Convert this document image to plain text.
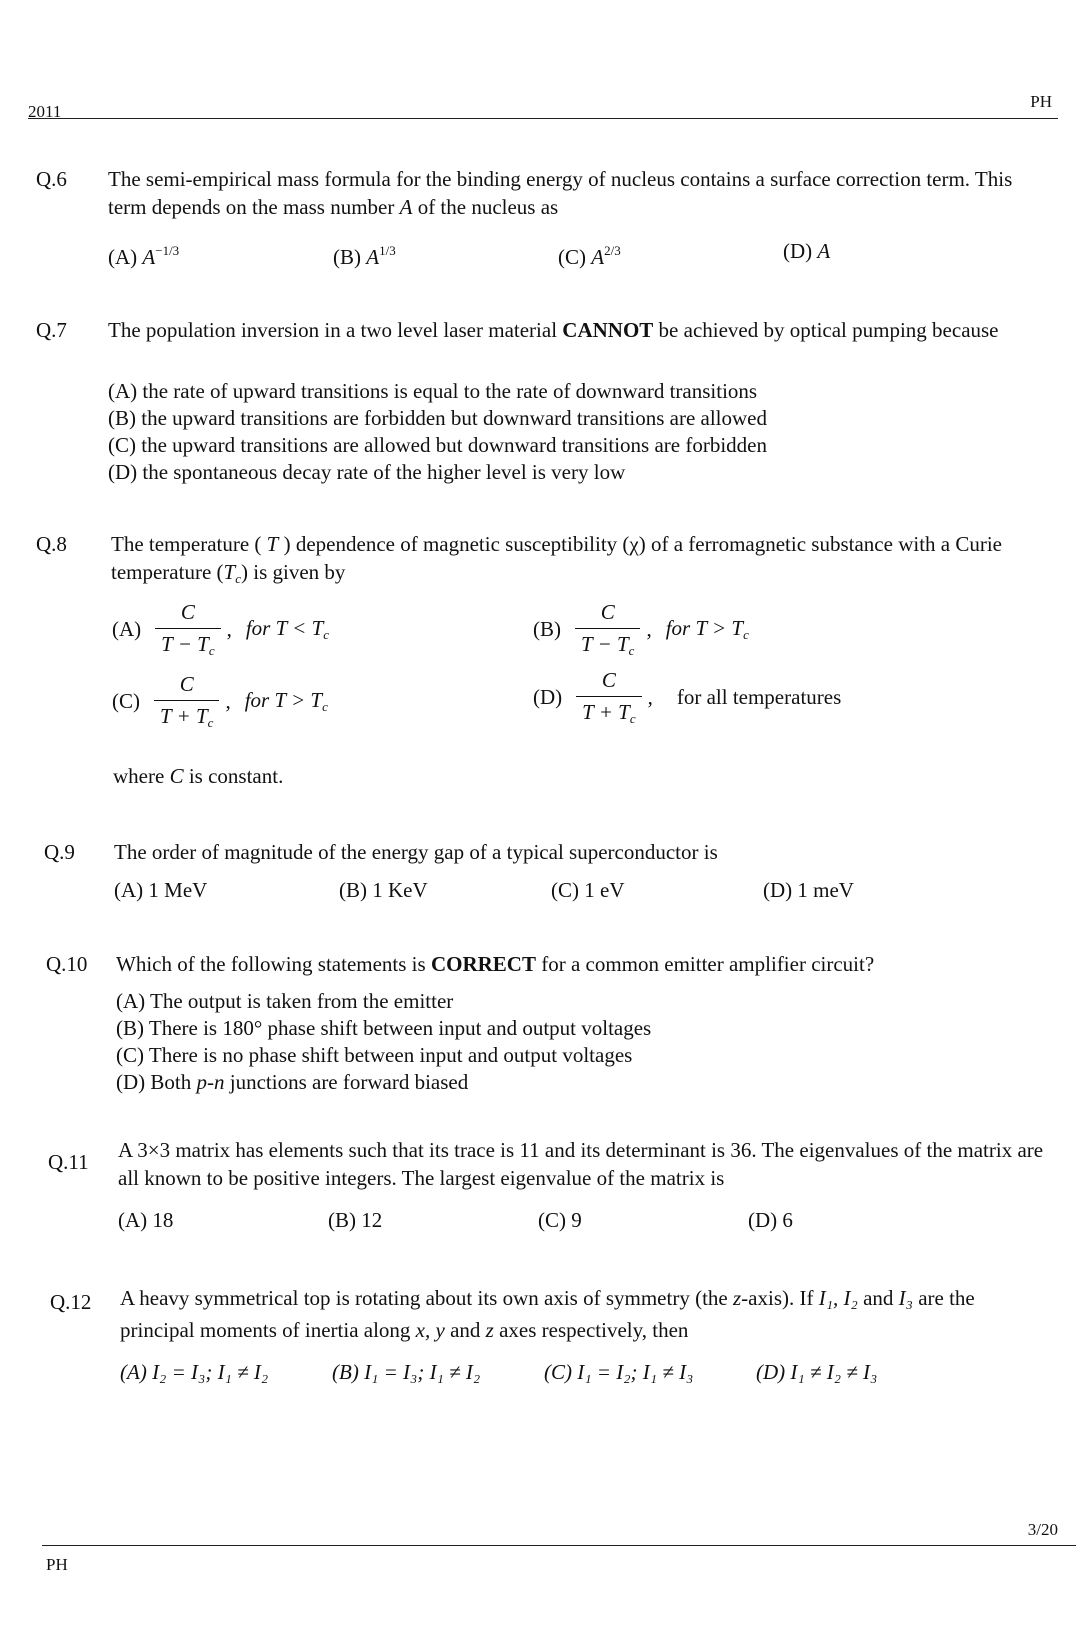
2011
PH
Q.6 The semi-empirical mass formula for the binding energy of nucleus contains a surface correction term. This term depends on the mass number A of the nucleus as
(A) $A^{-1/3}$	(B) $A^{1/3}$	(C) $A^{2/3}$	(D) A
Q.7 The population inversion in a two level laser material CANNOT be achieved by optical pumping because
(A) the rate of upward transitions is equal to the rate of downward transitions
(B) the upward transitions are forbidden but downward transitions are allowed
(C) the upward transitions are allowed but downward transitions are forbidden
(D) the spontaneous decay rate of the higher level is very low
Q.8 The temperature ( T ) dependence of magnetic susceptibility (χ) of a ferromagnetic substance with a Curie temperature $(T_c)$ is given by
$(A) \frac{C}{T - T_c}$ , for $T < T_c$	$(B) \frac{C}{T - T_c}$ , for $T > T_c$
$(C) \frac{C}{T + T_c}$ , for $T > T_c$	$(D) \frac{C}{T + T_c}$ , for all temperatures
where C is constant.
Q.9 The order of magnitude of the energy gap of a typical superconductor is
(A) 1 MeV	(B) 1 KeV	(C) 1 eV	(D) 1 meV
Q.10 Which of the following statements is CORRECT for a common emitter amplifier circuit?
(A) The output is taken from the emitter
(B) There is 180° phase shift between input and output voltages
(C) There is no phase shift between input and output voltages
(D) Both p-n junctions are forward biased
Q.11 A 3×3 matrix has elements such that its trace is 11 and its determinant is 36. The eigenvalues of the matrix are all known to be positive integers. The largest eigenvalue of the matrix is
(A) 18	(B) 12	(C) 9	(D) 6
Q.12 A heavy symmetrical top is rotating about its own axis of symmetry (the z-axis). If I₁, I₂ and I₃ are the principal moments of inertia along x, y and z axes respectively, then
(A) I₂ = I₃; I₁ ≠ I₂	(B) I₁ = I₃; I₁ ≠ I₂	(C) I₁ = I₂; I₁ ≠ I₃	(D) I₁ ≠ I₂ ≠ I₃
3/20
PH
